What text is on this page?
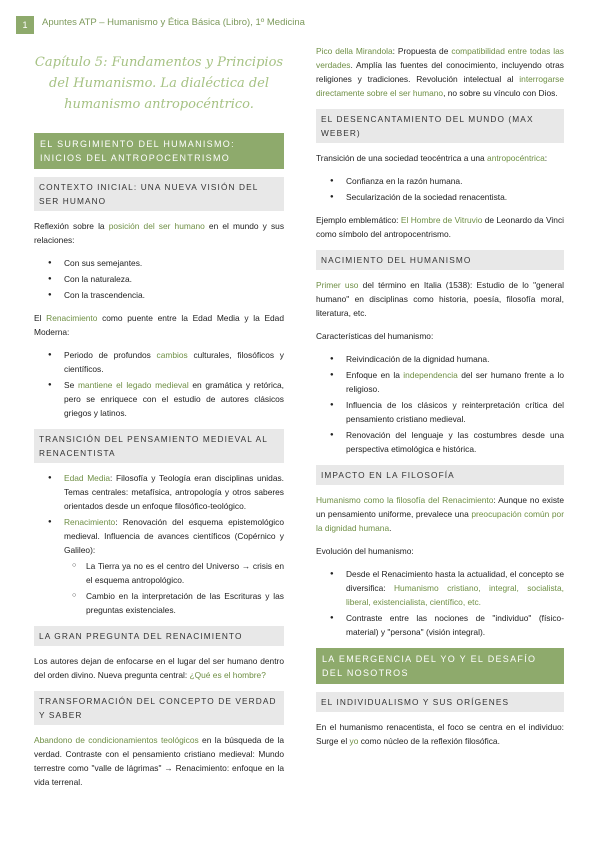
1	Apuntes ATP – Humanismo y Ética Básica (Libro), 1º Medicina
Capítulo 5: Fundamentos y Principios del Humanismo. La dialéctica del humanismo antropocéntrico.
EL SURGIMIENTO DEL HUMANISMO: INICIOS DEL ANTROPOCENTRISMO
CONTEXTO INICIAL: UNA NUEVA VISIÓN DEL SER HUMANO

Reflexión sobre la posición del ser humano en el mundo y sus relaciones:

● Con sus semejantes.
● Con la naturaleza.
● Con la trascendencia.

El Renacimiento como puente entre la Edad Media y la Edad Moderna:

● Periodo de profundos cambios culturales, filosóficos y científicos.
● Se mantiene el legado medieval en gramática y retórica, pero se enriquece con el estudio de autores clásicos griegos y latinos.
TRANSICIÓN DEL PENSAMIENTO MEDIEVAL AL RENACENTISTA
● Edad Media: Filosofía y Teología eran disciplinas unidas. Temas centrales: metafísica, antropología y otros saberes orientados desde un enfoque filosófico-teológico.
● Renacimiento: Renovación del esquema epistemológico medieval. Influencia de avances científicos (Copérnico y Galileo):
○ La Tierra ya no es el centro del Universo → crisis en el esquema antropológico.
○ Cambio en la interpretación de las Escrituras y las preguntas existenciales.
LA GRAN PREGUNTA DEL RENACIMIENTO

Los autores dejan de enfocarse en el lugar del ser humano dentro del orden divino. Nueva pregunta central: ¿Qué es el hombre?

TRANSFORMACIÓN DEL CONCEPTO DE VERDAD Y SABER

Abandono de condicionamientos teológicos en la búsqueda de la verdad. Contraste con el pensamiento cristiano medieval: Mundo terrestre como "valle de lágrimas" → Renacimiento: enfoque en la vida terrenal.

Pico della Mirandola: Propuesta de compatibilidad entre todas las verdades. Amplía las fuentes del conocimiento, incluyendo otras religiones y tradiciones. Revolución intelectual al interrogarse directamente sobre el ser humano, no sobre su vínculo con Dios.

EL DESENCANTAMIENTO DEL MUNDO (MAX WEBER)

Transición de una sociedad teocéntrica a una antropocéntrica:

● Confianza en la razón humana.
● Secularización de la sociedad renacentista.

Ejemplo emblemático: El Hombre de Vitruvio de Leonardo da Vinci como símbolo del antropocentrismo.

NACIMIENTO DEL HUMANISMO

Primer uso del término en Italia (1538): Estudio de lo "general humano" en disciplinas como historia, poesía, filosofía moral, literatura, etc.

Características del humanismo:

● Reivindicación de la dignidad humana.
● Enfoque en la independencia del ser humano frente a lo religioso.
● Influencia de los clásicos y reinterpretación crítica del pensamiento cristiano medieval.
● Renovación del lenguaje y las costumbres desde una perspectiva etimológica e histórica.
IMPACTO EN LA FILOSOFÍA

Humanismo como la filosofía del Renacimiento: Aunque no existe un pensamiento uniforme, prevalece una preocupación común por la dignidad humana.

Evolución del humanismo:

● Desde el Renacimiento hasta la actualidad, el concepto se diversifica: Humanismo cristiano, integral, socialista, liberal, existencialista, científico, etc.
● Contraste entre las nociones de "individuo" (físico-material) y "persona" (visión integral).
LA EMERGENCIA DEL YO Y EL DESAFÍO DEL NOSOTROS
EL INDIVIDUALISMO Y SUS ORÍGENES

En el humanismo renacentista, el foco se centra en el individuo: Surge el yo como núcleo de la reflexión filosófica.
